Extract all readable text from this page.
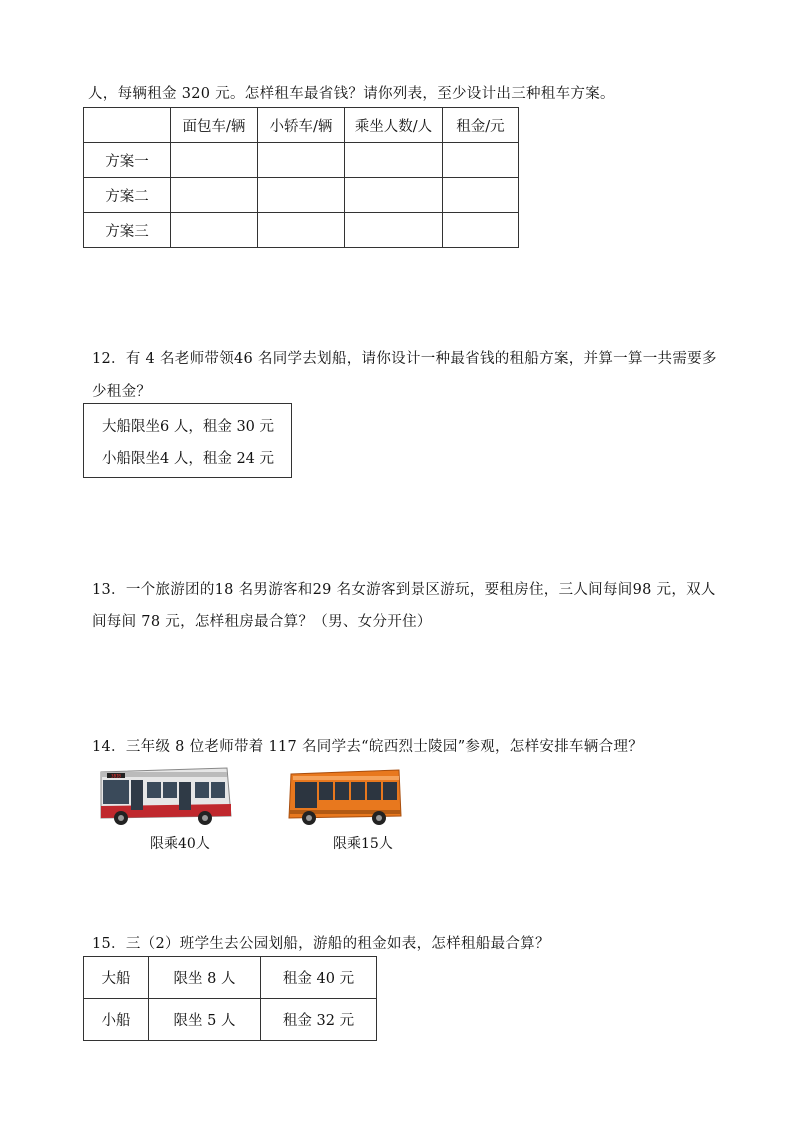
人，每辆租金 320 元。怎样租车最省钱？请你列表，至少设计出三种租车方案。
	面包车/辆	小轿车/辆	乘坐人数/人	租金/元
方案一				
方案二				
方案三				
12．有 4 名老师带领46 名同学去划船，请你设计一种最省钱的租船方案，并算一算一共需要多
少租金？
大船限坐6 人，租金 30 元
小船限坐4 人，租金 24 元
13．一个旅游团的18 名男游客和29 名女游客到景区游玩，要租房住，三人间每间98 元，双人
间每间 78 元，怎样租房最合算？（男、女分开住）
14．三年级 8 位老师带着 117 名同学去“皖西烈士陵园”参观，怎样安排车辆合理？
3BIB
限乘40人	限乘15人
15．三（2）班学生去公园划船，游船的租金如表，怎样租船最合算？
大船	限坐 8 人	租金 40 元
小船	限坐 5 人	租金 32 元
